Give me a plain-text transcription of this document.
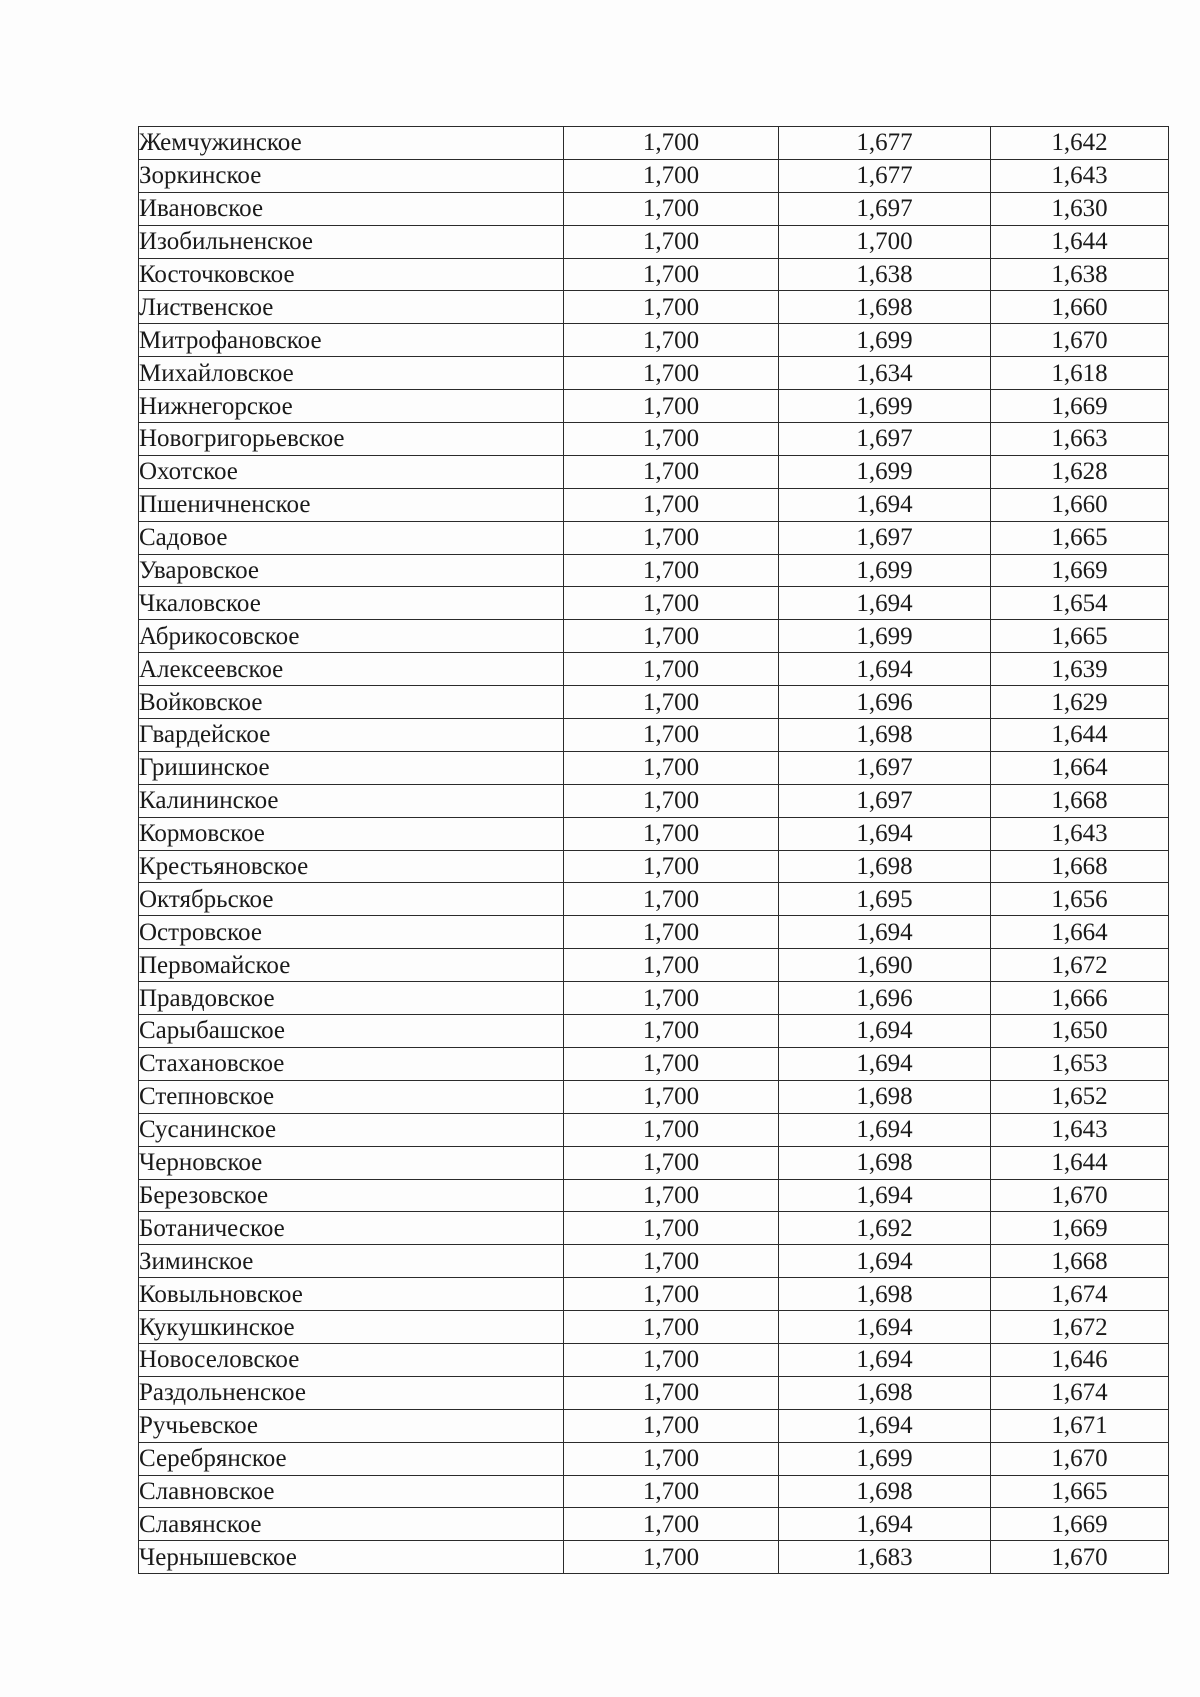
Жемчужинское	1,700	1,677	1,642
Зоркинское	1,700	1,677	1,643
Ивановское	1,700	1,697	1,630
Изобильненское	1,700	1,700	1,644
Косточковское	1,700	1,638	1,638
Лиственское	1,700	1,698	1,660
Митрофановское	1,700	1,699	1,670
Михайловское	1,700	1,634	1,618
Нижнегорское	1,700	1,699	1,669
Новогригорьевское	1,700	1,697	1,663
Охотское	1,700	1,699	1,628
Пшеничненское	1,700	1,694	1,660
Садовое	1,700	1,697	1,665
Уваровское	1,700	1,699	1,669
Чкаловское	1,700	1,694	1,654
Абрикосовское	1,700	1,699	1,665
Алексеевское	1,700	1,694	1,639
Войковское	1,700	1,696	1,629
Гвардейское	1,700	1,698	1,644
Гришинское	1,700	1,697	1,664
Калининское	1,700	1,697	1,668
Кормовское	1,700	1,694	1,643
Крестьяновское	1,700	1,698	1,668
Октябрьское	1,700	1,695	1,656
Островское	1,700	1,694	1,664
Первомайское	1,700	1,690	1,672
Правдовское	1,700	1,696	1,666
Сарыбашское	1,700	1,694	1,650
Стахановское	1,700	1,694	1,653
Степновское	1,700	1,698	1,652
Сусанинское	1,700	1,694	1,643
Черновское	1,700	1,698	1,644
Березовское	1,700	1,694	1,670
Ботаническое	1,700	1,692	1,669
Зиминское	1,700	1,694	1,668
Ковыльновское	1,700	1,698	1,674
Кукушкинское	1,700	1,694	1,672
Новоселовское	1,700	1,694	1,646
Раздольненское	1,700	1,698	1,674
Ручьевское	1,700	1,694	1,671
Серебрянское	1,700	1,699	1,670
Славновское	1,700	1,698	1,665
Славянское	1,700	1,694	1,669
Чернышевское	1,700	1,683	1,670
